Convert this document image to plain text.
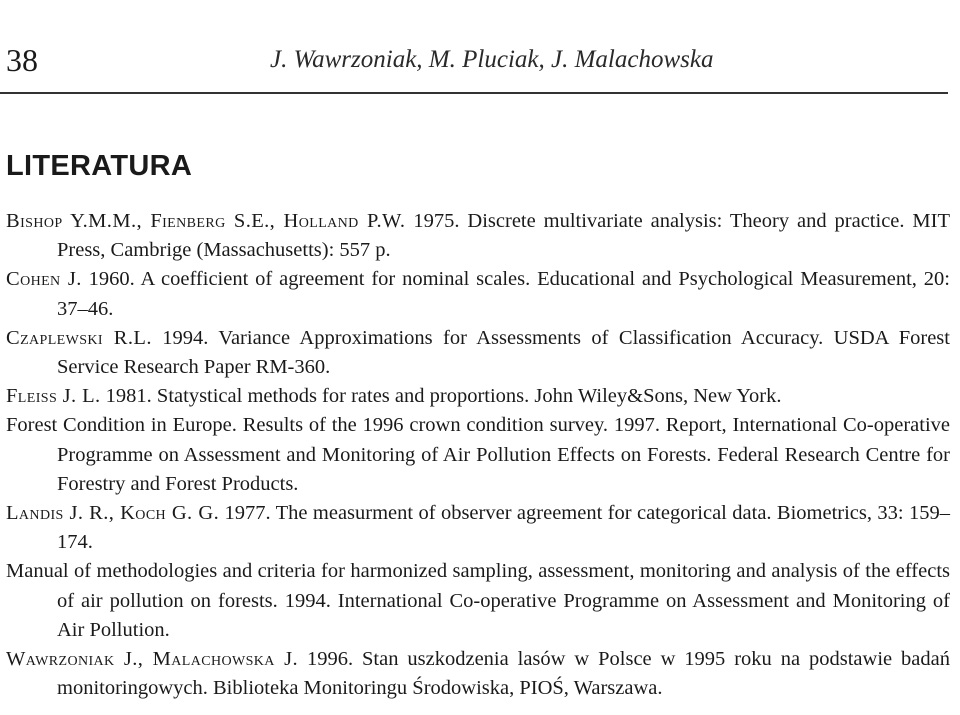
38	J. Wawrzoniak, M. Pluciak, J. Malachowska
LITERATURA

Bishop Y.M.M., Fienberg S.E., Holland P.W. 1975. Discrete multivariate analysis: Theory and practice. MIT Press, Cambrige (Massachusetts): 557 p.

Cohen J. 1960. A coefficient of agreement for nominal scales. Educational and Psychological Measurement, 20: 37–46.

Czaplewski R.L. 1994. Variance Approximations for Assessments of Classification Accuracy. USDA Forest Service Research Paper RM-360.

Fleiss J. L. 1981. Statystical methods for rates and proportions. John Wiley&Sons, New York.

Forest Condition in Europe. Results of the 1996 crown condition survey. 1997. Report, International Co-operative Programme on Assessment and Monitoring of Air Pollution Effects on Forests. Federal Research Centre for Forestry and Forest Products.

Landis J. R., Koch G. G. 1977. The measurment of observer agreement for categorical data. Biometrics, 33: 159–174.

Manual of methodologies and criteria for harmonized sampling, assessment, monitoring and analysis of the effects of air pollution on forests. 1994. International Co-operative Programme on Assessment and Monitoring of Air Pollution.

Wawrzoniak J., Malachowska J. 1996. Stan uszkodzenia lasów w Polsce w 1995 roku na podstawie badań monitoringowych. Biblioteka Monitoringu Środowiska, PIOŚ, Warszawa.
